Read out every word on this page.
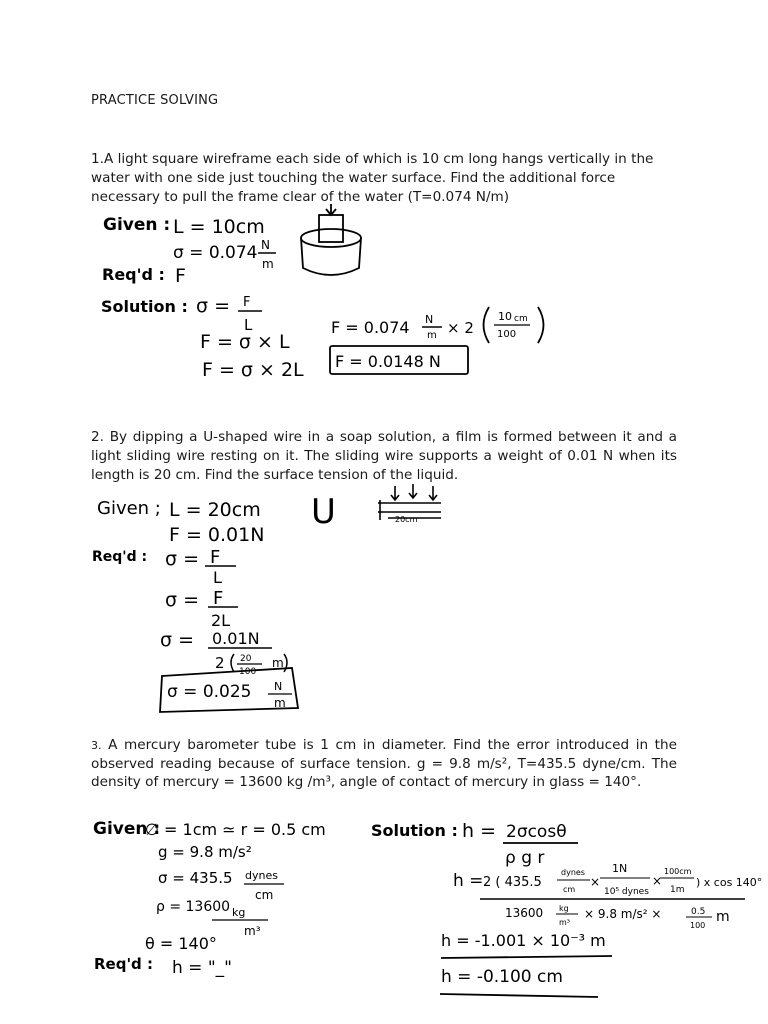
PRACTICE SOLVING

1.A light square wireframe each side of which is 10 cm long hangs vertically in the water with one side just touching the water surface. Find the additional force necessary to pull the frame clear of the water (T=0.074 N/m)

2. By dipping a U-shaped wire in a soap solution, a film is formed between it and a light sliding wire resting on it. The sliding wire supports a weight of 0.01 N when its length is 20 cm. Find the surface tension of the liquid.

3. A mercury barometer tube is 1 cm in diameter. Find the error introduced in the observed reading because of surface tension. g = 9.8 m/s², T=435.5 dyne/cm. The density of mercury = 13600 kg /m³, angle of contact of mercury in glass = 140°.

Given : L = 10cm
σ = 0.074 N
m
Req'd : F
Solution : σ = F
L
F = σ × L
F = σ × 2L
F = 0.074 N
m × 2
10 cm
100
F = 0.0148 N
Given ; L = 20cm
F = 0.01N
Req'd : σ = F
L
σ = F
2L
σ = 0.01N
2 20
100
m
σ = 0.025 N
m
U	20cm
Given :
∅ = 1cm ≃ r = 0.5 cm
g = 9.8 m/s²
σ = 435.5 dynes
cm
ρ = 13600 kg
m³
θ = 140°
Req'd : h = "_"
Solution : h = 2σcosθ
ρ g r
h = 2 ( 435.5
dynes
cm
×
1N
10⁵ dynes
×
100cm
1m
) x cos 140°
13600 kg
m³
× 9.8 m/s² ×	0.5
100
m
h = -1.001 × 10⁻³ m
h = -0.100 cm
